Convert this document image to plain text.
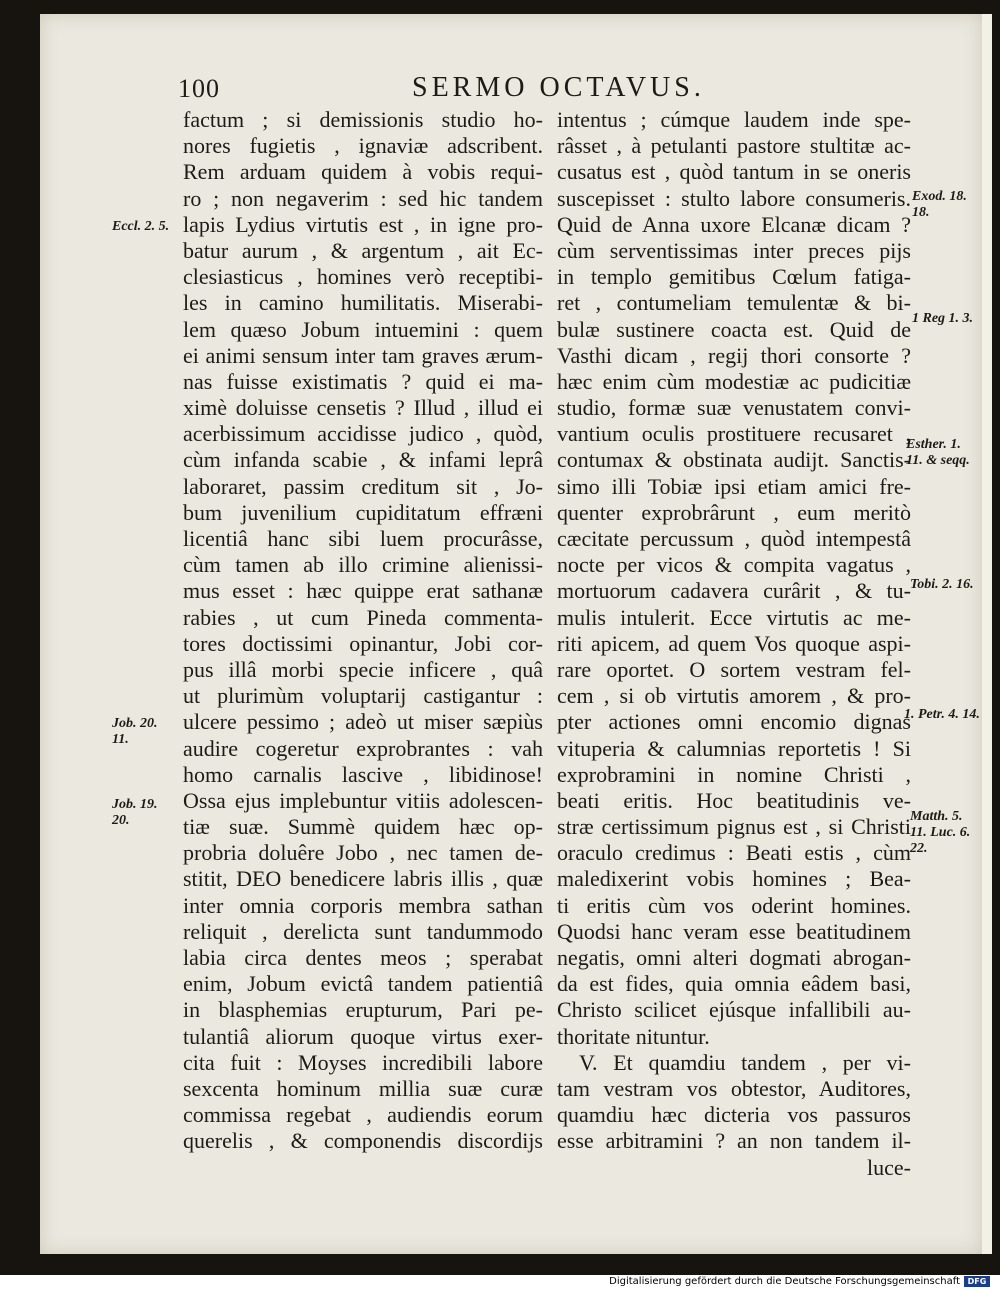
100	SERMO OCTAVUS.
factum ; si demissionis studio ho-
nores fugietis , ignaviæ adscribent.
Rem arduam quidem à vobis requi-
ro ; non negaverim : sed hic tandem
lapis Lydius virtutis est , in igne pro-
batur aurum , & argentum , ait Ec-
clesiasticus , homines verò receptibi-
les in camino humilitatis. Miserabi-
lem quæso Jobum intuemini : quem
ei animi sensum inter tam graves ærum-
nas fuisse existimatis ? quid ei ma-
ximè doluisse censetis ? Illud , illud ei
acerbissimum accidisse judico , quòd,
cùm infanda scabie , & infami leprâ
laboraret, passim creditum sit , Jo-
bum juvenilium cupiditatum effræni
licentiâ hanc sibi luem procurâsse,
cùm tamen ab illo crimine alienissi-
mus esset : hæc quippe erat sathanæ
rabies , ut cum Pineda commenta-
tores doctissimi opinantur, Jobi cor-
pus illâ morbi specie inficere , quâ
ut plurimùm voluptarij castigantur :
ulcere pessimo ; adeò ut miser sæpiùs
audire cogeretur exprobrantes : vah
homo carnalis lascive , libidinose!
Ossa ejus implebuntur vitiis adolescen-
tiæ suæ. Summè quidem hæc op-
probria doluêre Jobo , nec tamen de-
stitit, DEO benedicere labris illis , quæ
inter omnia corporis membra sathan
reliquit , derelicta sunt tandummodo
labia circa dentes meos ; sperabat
enim, Jobum evictâ tandem patientiâ
in blasphemias erupturum, Pari pe-
tulantiâ aliorum quoque virtus exer-
cita fuit : Moyses incredibili labore
sexcenta hominum millia suæ curæ
commissa regebat , audiendis eorum
querelis , & componendis discordijs
intentus ; cúmque laudem inde spe-
râsset , à petulanti pastore stultitæ ac-
cusatus est , quòd tantum in se oneris
suscepisset : stulto labore consumeris.
Quid de Anna uxore Elcanæ dicam ?
cùm serventissimas inter preces pijs
in templo gemitibus Cœlum fatiga-
ret , contumeliam temulentæ & bi-
bulæ sustinere coacta est. Quid de
Vasthi dicam , regij thori consorte ?
hæc enim cùm modestiæ ac pudicitiæ
studio, formæ suæ venustatem convi-
vantium oculis prostituere recusaret ,
contumax & obstinata audijt. Sanctis-
simo illi Tobiæ ipsi etiam amici fre-
quenter exprobrârunt , eum meritò
cæcitate percussum , quòd intempestâ
nocte per vicos & compita vagatus ,
mortuorum cadavera curârit , & tu-
mulis intulerit. Ecce virtutis ac me-
riti apicem, ad quem Vos quoque aspi-
rare oportet. O sortem vestram fel-
cem , si ob virtutis amorem , & pro-
pter actiones omni encomio dignas
vituperia & calumnias reportetis ! Si
exprobramini in nomine Christi ,
beati eritis. Hoc beatitudinis ve-
stræ certissimum pignus est , si Christi
oraculo credimus : Beati estis , cùm
maledixerint vobis homines ; Bea-
ti eritis cùm vos oderint homines.
Quodsi hanc veram esse beatitudinem
negatis, omni alteri dogmati abrogan-
da est fides, quia omnia eâdem basi,
Christo scilicet ejúsque infallibili au-
thoritate nituntur.
V. Et quamdiu tandem , per vi-
tam vestram vos obtestor, Auditores,
quamdiu hæc dicteria vos passuros
esse arbitramini ? an non tandem il-
luce-
Eccl. 2. 5.
Job. 20. 11.
Job. 19. 20.
Exod. 18. 18.
1 Reg 1. 3.
Esther. 1. 11. & seqq.
Tobi. 2. 16.
1. Petr. 4. 14.
Matth. 5. 11. Luc. 6. 22.
Digitalisierung gefördert durch die Deutsche Forschungsgemeinschaft DFG
